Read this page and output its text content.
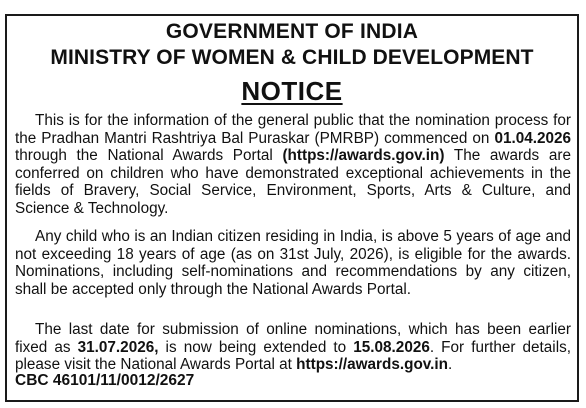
GOVERNMENT OF INDIA
MINISTRY OF WOMEN & CHILD DEVELOPMENT
NOTICE
This is for the information of the general public that the nomination process for the Pradhan Mantri Rashtriya Bal Puraskar (PMRBP) commenced on 01.04.2026 through the National Awards Portal (https://awards.gov.in) The awards are conferred on children who have demonstrated exceptional achievements in the fields of Bravery, Social Service, Environment, Sports, Arts & Culture, and Science & Technology.
Any child who is an Indian citizen residing in India, is above 5 years of age and not exceeding 18 years of age (as on 31st July, 2026), is eligible for the awards. Nominations, including self-nominations and recommendations by any citizen, shall be accepted only through the National Awards Portal.
The last date for submission of online nominations, which has been earlier fixed as 31.07.2026, is now being extended to 15.08.2026. For further details, please visit the National Awards Portal at https://awards.gov.in.
CBC 46101/11/0012/2627
